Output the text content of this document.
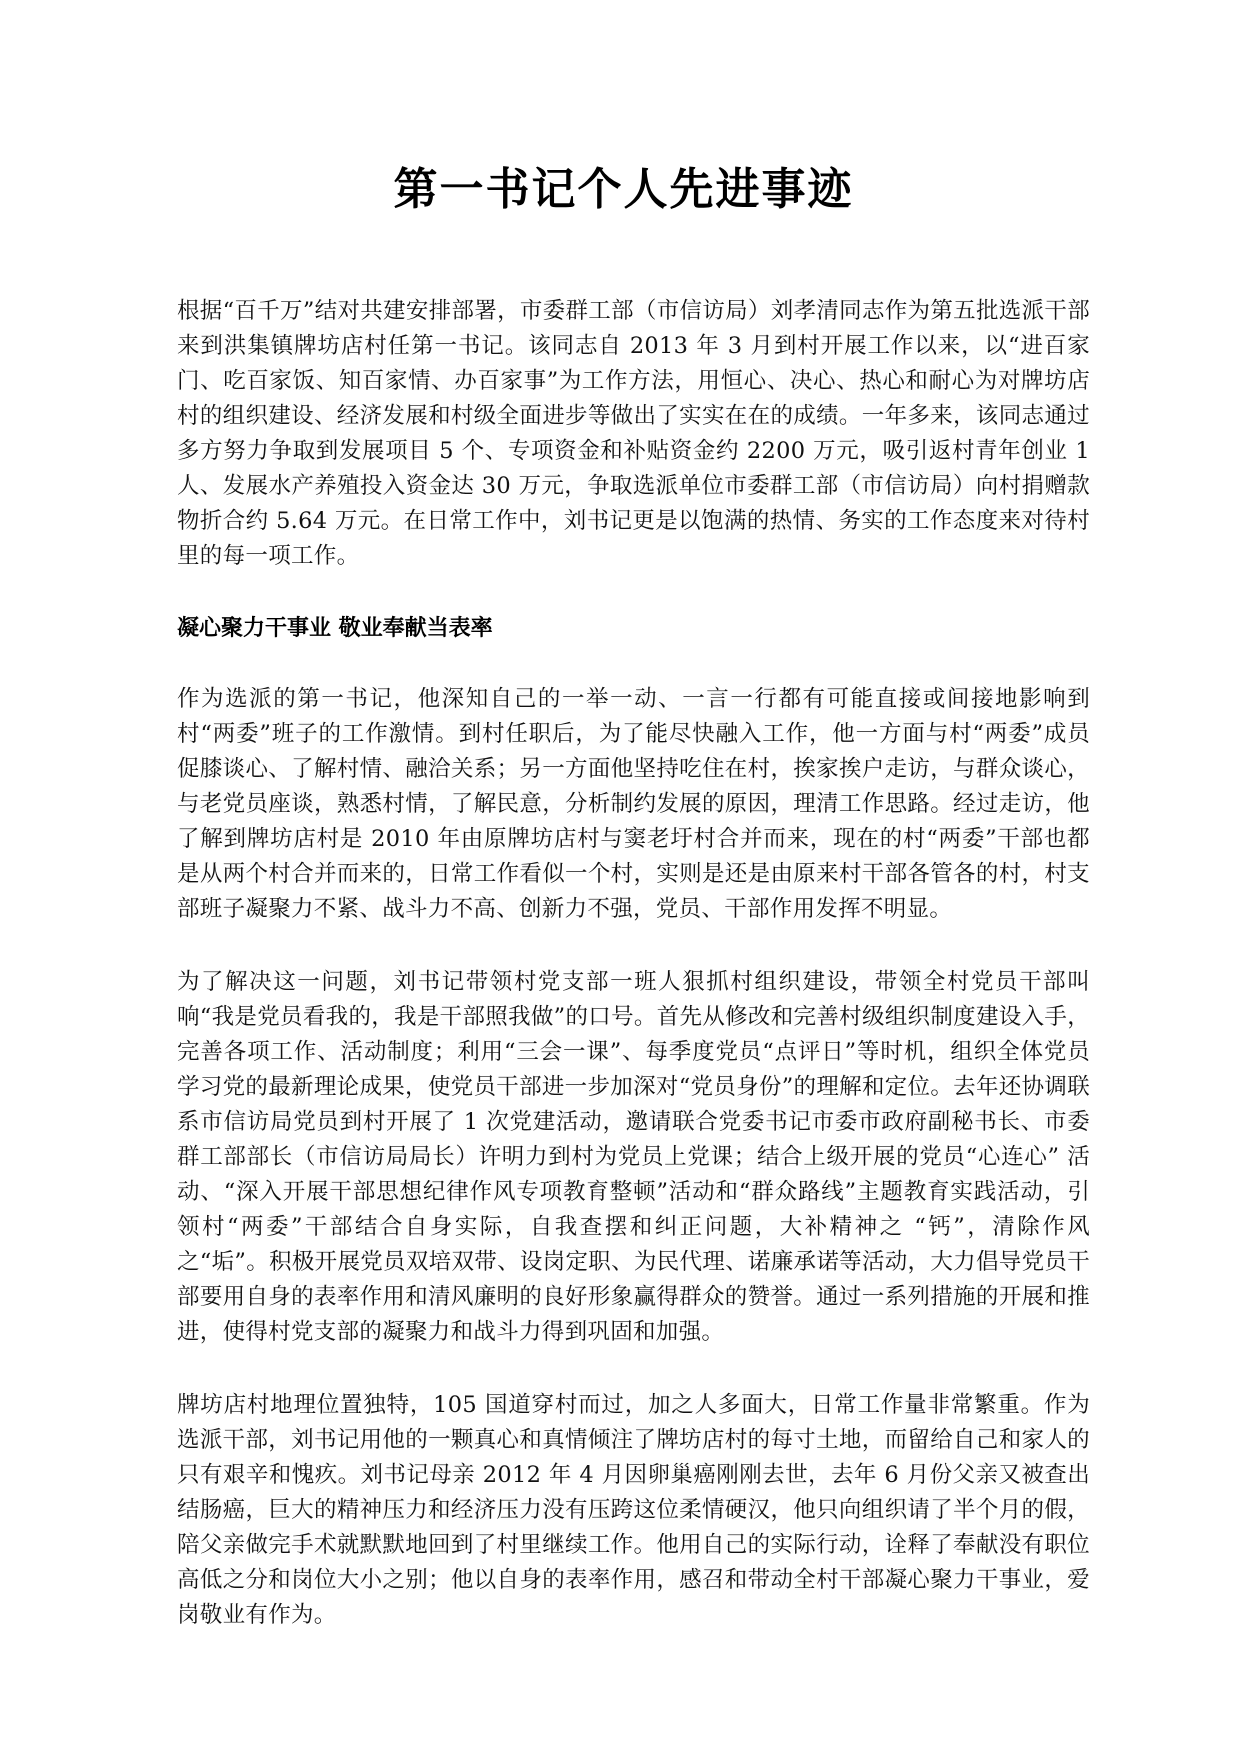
第一书记个人先进事迹

根据“百千万”结对共建安排部署，市委群工部（市信访局）刘孝清同志作为第五批选派干部来到洪集镇牌坊店村任第一书记。该同志自 2013 年 3 月到村开展工作以来，以“进百家门、吃百家饭、知百家情、办百家事”为工作方法，用恒心、决心、热心和耐心为对牌坊店村的组织建设、经济发展和村级全面进步等做出了实实在在的成绩。一年多来，该同志通过多方努力争取到发展项目 5 个、专项资金和补贴资金约 2200 万元，吸引返村青年创业 1 人、发展水产养殖投入资金达 30 万元，争取选派单位市委群工部（市信访局）向村捐赠款物折合约 5.64 万元。在日常工作中，刘书记更是以饱满的热情、务实的工作态度来对待村里的每一项工作。

凝心聚力干事业 敬业奉献当表率

作为选派的第一书记，他深知自己的一举一动、一言一行都有可能直接或间接地影响到村“两委”班子的工作激情。到村任职后，为了能尽快融入工作，他一方面与村“两委”成员促膝谈心、了解村情、融洽关系；另一方面他坚持吃住在村，挨家挨户走访，与群众谈心，与老党员座谈，熟悉村情，了解民意，分析制约发展的原因，理清工作思路。经过走访，他了解到牌坊店村是 2010 年由原牌坊店村与窦老圩村合并而来，现在的村“两委”干部也都是从两个村合并而来的，日常工作看似一个村，实则是还是由原来村干部各管各的村，村支部班子凝聚力不紧、战斗力不高、创新力不强，党员、干部作用发挥不明显。

为了解决这一问题，刘书记带领村党支部一班人狠抓村组织建设，带领全村党员干部叫响“我是党员看我的，我是干部照我做”的口号。首先从修改和完善村级组织制度建设入手，完善各项工作、活动制度；利用“三会一课”、每季度党员“点评日”等时机，组织全体党员学习党的最新理论成果，使党员干部进一步加深对“党员身份”的理解和定位。去年还协调联系市信访局党员到村开展了 1 次党建活动，邀请联合党委书记市委市政府副秘书长、市委群工部部长（市信访局局长）许明力到村为党员上党课；结合上级开展的党员“心连心” 活动、“深入开展干部思想纪律作风专项教育整顿”活动和“群众路线”主题教育实践活动，引领村“两委”干部结合自身实际，自我查摆和纠正问题，大补精神之 “钙”，清除作风之“垢”。积极开展党员双培双带、设岗定职、为民代理、诺廉承诺等活动，大力倡导党员干部要用自身的表率作用和清风廉明的良好形象赢得群众的赞誉。通过一系列措施的开展和推进，使得村党支部的凝聚力和战斗力得到巩固和加强。

牌坊店村地理位置独特，105 国道穿村而过，加之人多面大，日常工作量非常繁重。作为选派干部，刘书记用他的一颗真心和真情倾注了牌坊店村的每寸土地，而留给自己和家人的只有艰辛和愧疚。刘书记母亲 2012 年 4 月因卵巢癌刚刚去世，去年 6 月份父亲又被查出结肠癌，巨大的精神压力和经济压力没有压跨这位柔情硬汉，他只向组织请了半个月的假，陪父亲做完手术就默默地回到了村里继续工作。他用自己的实际行动，诠释了奉献没有职位高低之分和岗位大小之别；他以自身的表率作用，感召和带动全村干部凝心聚力干事业，爱岗敬业有作为。
